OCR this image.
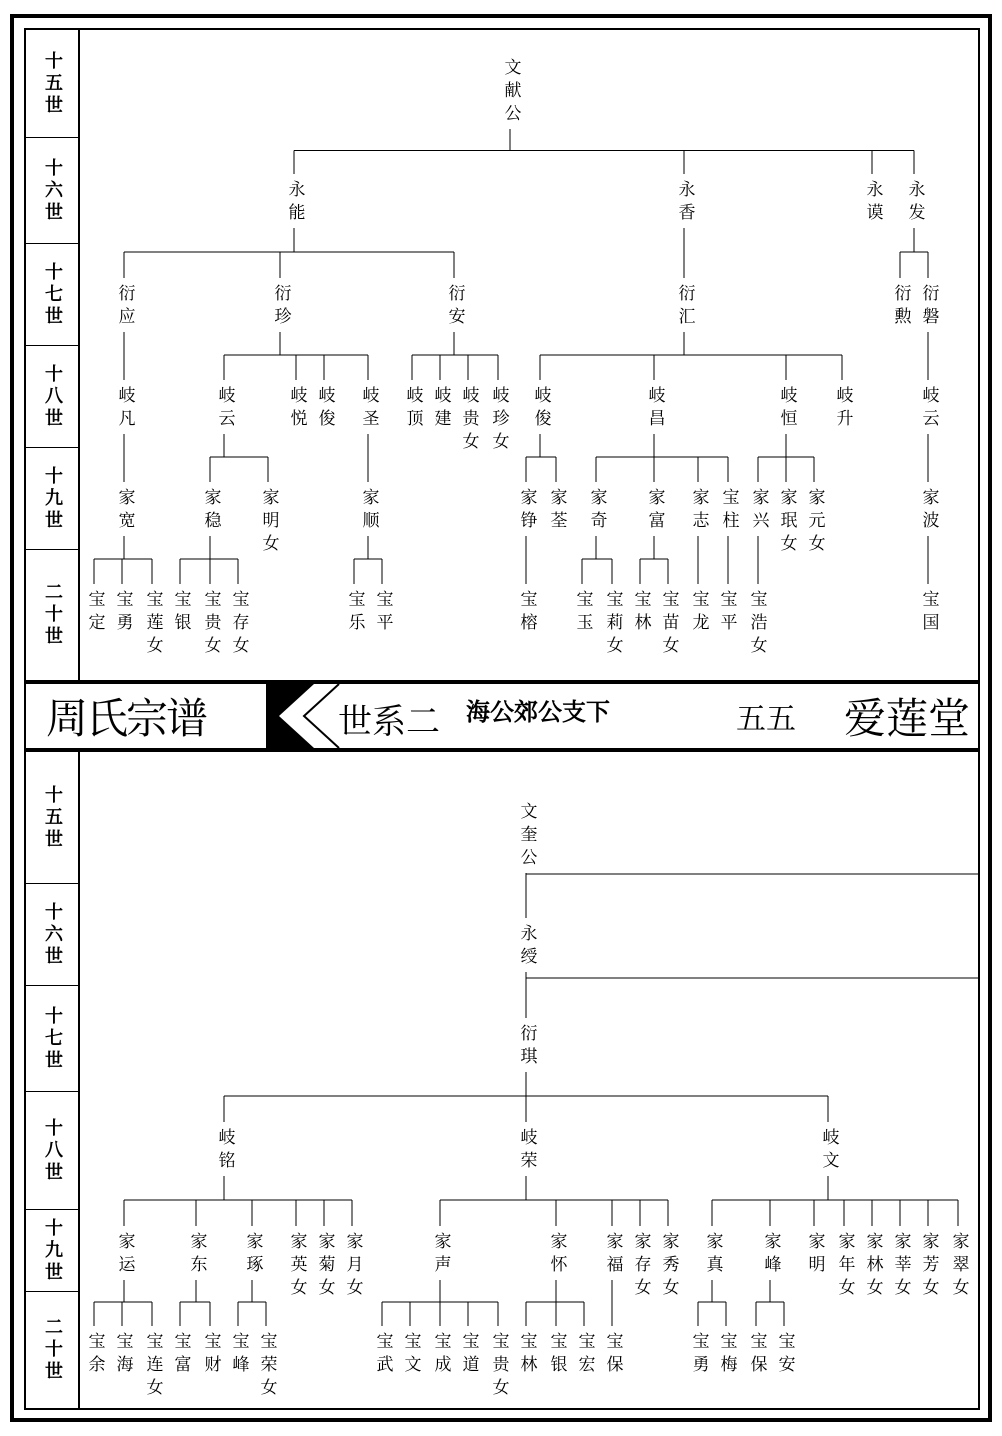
十五世
十六世
十七世
十八世
十九世
二十世
周氏宗谱	世系二 海公郊公支下	五五 爱莲堂
十五世
十六世
十七世
十八世
十九世
二十世
文献公
永能	永香	永谟 永发
衍应	衍珍	衍安	衍汇	衍勲 衍磐
岐凡	岐云	岐悦 岐俊 岐圣 岐顶 岐建 岐贵女 岐珍女 岐俊	岐昌	岐恒 岐升	岐云
家宽	家稳 家明女	家顺	家铮 家荃 家奇 家富 家志 宝柱 家兴 家珉女 家元女	家波
宝定 宝勇 宝莲女 宝银 宝贵女 宝存女	宝乐 宝平	宝榕 宝玉 宝莉女 宝林 宝苗女 宝龙 宝平 宝浩女	宝国
文奎公
永绶
衍琪
岐铭	岐荣	岐文
家运	家东 家琢 家英女 家菊女 家月女	家声	家怀 家福 家存女 家秀女 家真 家峰 家明 家年女 家林女 家莘女 家芳女 家翠女
宝余 宝海 宝连女 宝富 宝财 宝峰 宝荣女	宝武 宝文 宝成 宝道 宝贵女 宝林 宝银 宝宏 宝保	宝勇 宝梅 宝保 宝安
